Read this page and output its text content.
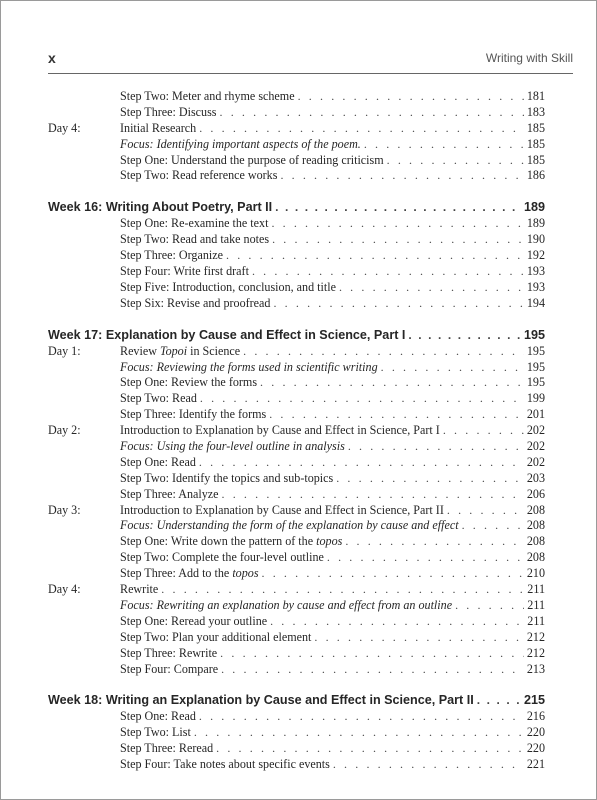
x	Writing with Skill
Step Two: Meter and rhyme scheme . . .	181
Step Three: Discuss . . .	183
Day 4:	Initial Research . . .	185
Focus: Identifying important aspects of the poem. . . .	185
Step One: Understand the purpose of reading criticism . . .	185
Step Two: Read reference works . . .	186
Week 16: Writing About Poetry, Part II . . .	189
Step One: Re-examine the text . . .	189
Step Two: Read and take notes . . .	190
Step Three: Organize . . .	192
Step Four: Write first draft . . .	193
Step Five: Introduction, conclusion, and title . . .	193
Step Six: Revise and proofread . . .	194
Week 17: Explanation by Cause and Effect in Science, Part I . . .	195
Day 1:	Review Topoi in Science . . .	195
Focus: Reviewing the forms used in scientific writing . . .	195
Step One: Review the forms . . .	195
Step Two: Read . . .	199
Step Three: Identify the forms . . .	201
Day 2:	Introduction to Explanation by Cause and Effect in Science, Part I . . .	202
Focus: Using the four-level outline in analysis . . .	202
Step One: Read . . .	202
Step Two: Identify the topics and sub-topics . . .	203
Step Three: Analyze . . .	206
Day 3:	Introduction to Explanation by Cause and Effect in Science, Part II . . .	208
Focus: Understanding the form of the explanation by cause and effect . . .	208
Step One: Write down the pattern of the topos . . .	208
Step Two: Complete the four-level outline . . .	208
Step Three: Add to the topos . . .	210
Day 4:	Rewrite . . .	211
Focus: Rewriting an explanation by cause and effect from an outline . . .	211
Step One: Reread your outline . . .	211
Step Two: Plan your additional element . . .	212
Step Three: Rewrite . . .	212
Step Four: Compare . . .	213
Week 18: Writing an Explanation by Cause and Effect in Science, Part II . . .	215
Step One: Read . . .	216
Step Two: List . . .	220
Step Three: Reread . . .	220
Step Four: Take notes about specific events . . .	221
